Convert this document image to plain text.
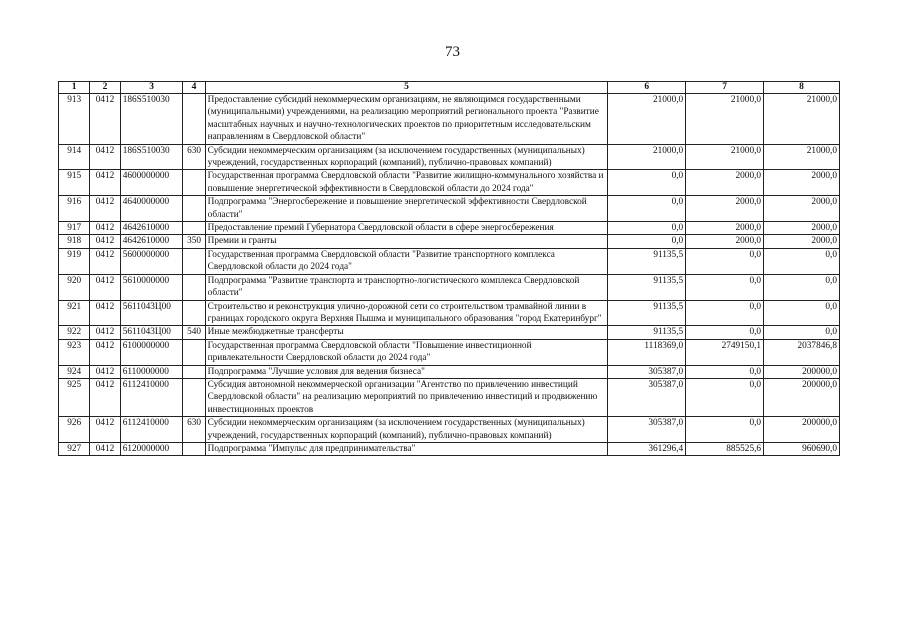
73
1	2	3	4	5	6	7	8
913	0412	186S510030		Предоставление субсидий некоммерческим организациям, не являющимся государственными (муниципальными) учреждениями, на реализацию мероприятий регионального проекта "Развитие масштабных научных и научно-технологических проектов по приоритетным исследовательским направлениям в Свердловской области"	21000,0	21000,0	21000,0
914	0412	186S510030	630	Субсидии некоммерческим организациям (за исключением государственных (муниципальных) учреждений, государственных корпораций (компаний), публично-правовых компаний)	21000,0	21000,0	21000,0
915	0412	4600000000		Государственная программа Свердловской области "Развитие жилищно-коммунального хозяйства и повышение энергетической эффективности в Свердловской области до 2024 года"	0,0	2000,0	2000,0
916	0412	4640000000		Подпрограмма "Энергосбережение и повышение энергетической эффективности Свердловской области"	0,0	2000,0	2000,0
917	0412	4642610000		Предоставление премий Губернатора Свердловской области в сфере энергосбережения	0,0	2000,0	2000,0
918	0412	4642610000	350	Премии и гранты	0,0	2000,0	2000,0
919	0412	5600000000		Государственная программа Свердловской области "Развитие транспортного комплекса Свердловской области до 2024 года"	91135,5	0,0	0,0
920	0412	5610000000		Подпрограмма "Развитие транспорта и транспортно-логистического комплекса Свердловской области"	91135,5	0,0	0,0
921	0412	5611043Ц00		Строительство и реконструкция улично-дорожной сети со строительством трамвайной линии в границах городского округа Верхняя Пышма и муниципального образования "город Екатеринбург"	91135,5	0,0	0,0
922	0412	5611043Ц00	540	Иные межбюджетные трансферты	91135,5	0,0	0,0
923	0412	6100000000		Государственная программа Свердловской области "Повышение инвестиционной привлекательности Свердловской области до 2024 года"	1118369,0	2749150,1	2037846,8
924	0412	6110000000		Подпрограмма "Лучшие условия для ведения бизнеса"	305387,0	0,0	200000,0
925	0412	6112410000		Субсидия автономной некоммерческой организации "Агентство по привлечению инвестиций Свердловской области" на реализацию мероприятий по привлечению инвестиций и продвижению инвестиционных проектов	305387,0	0,0	200000,0
926	0412	6112410000	630	Субсидии некоммерческим организациям (за исключением государственных (муниципальных) учреждений, государственных корпораций (компаний), публично-правовых компаний)	305387,0	0,0	200000,0
927	0412	6120000000		Подпрограмма "Импульс для предпринимательства"	361296,4	885525,6	960690,0
